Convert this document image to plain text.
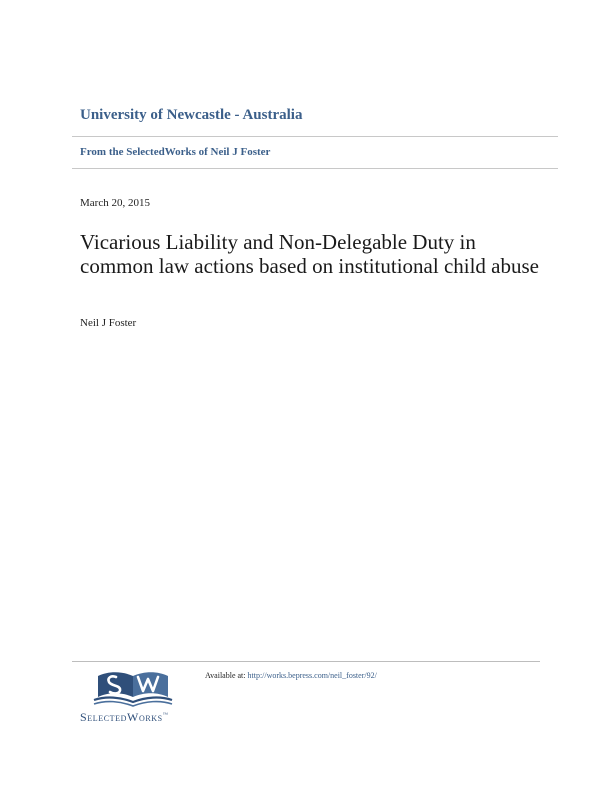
University of Newcastle - Australia
From the SelectedWorks of Neil J Foster
March 20, 2015
Vicarious Liability and Non-Delegable Duty in common law actions based on institutional child abuse
Neil J Foster
SelectedWorks™
Available at: http://works.bepress.com/neil_foster/92/
